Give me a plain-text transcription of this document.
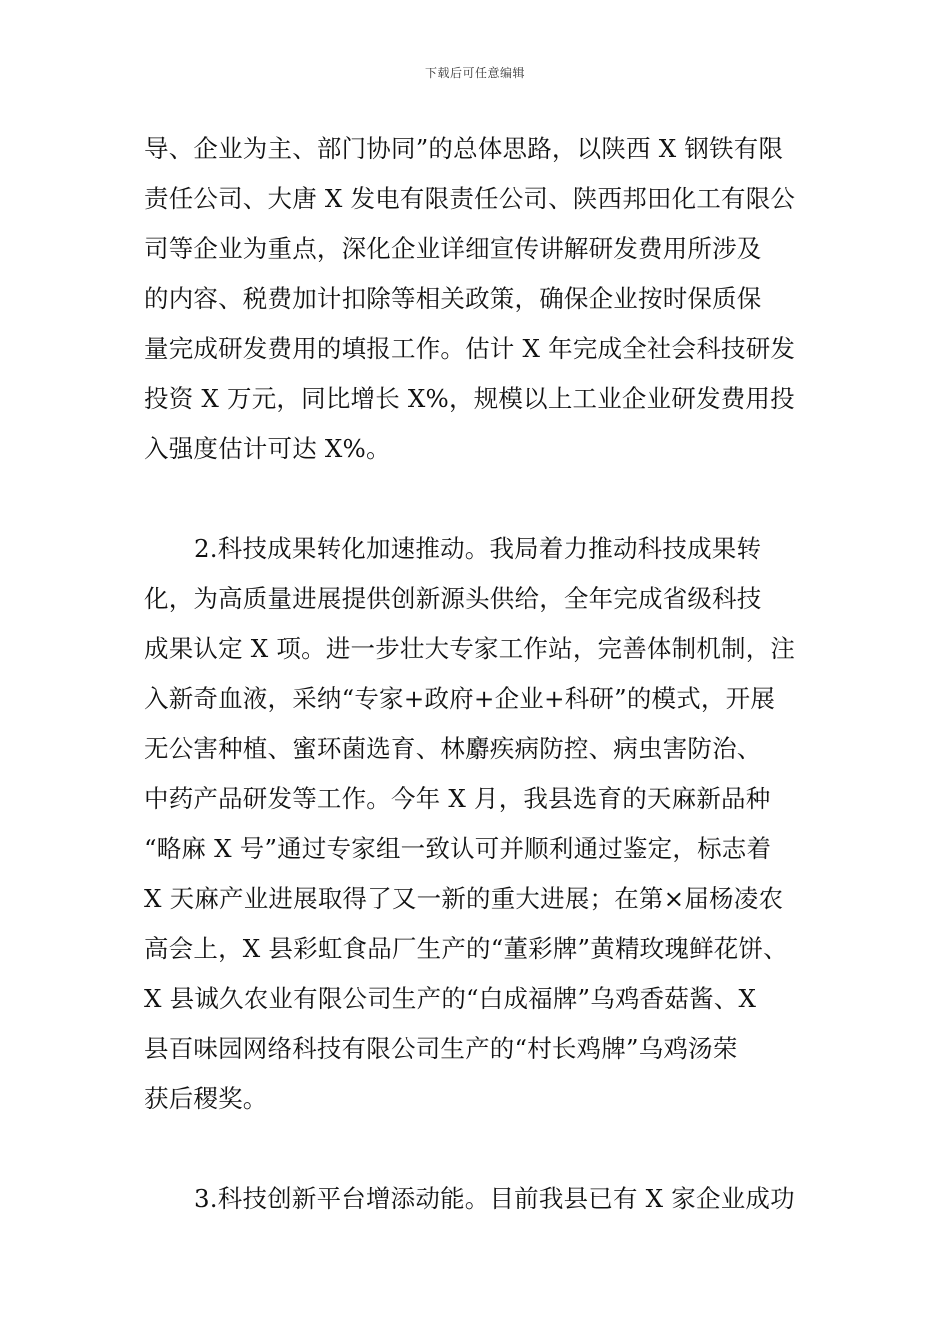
下载后可任意编辑
导、企业为主、部门协同”的总体思路，以陕西 X 钢铁有限
责任公司、大唐 X 发电有限责任公司、陕西邦田化工有限公
司等企业为重点，深化企业详细宣传讲解研发费用所涉及
的内容、税费加计扣除等相关政策，确保企业按时保质保
量完成研发费用的填报工作。估计 X 年完成全社会科技研发
投资 X 万元，同比增长 X%，规模以上工业企业研发费用投
入强度估计可达 X%。
2.科技成果转化加速推动。我局着力推动科技成果转
化，为高质量进展提供创新源头供给，全年完成省级科技
成果认定 X 项。进一步壮大专家工作站，完善体制机制，注
入新奇血液，采纳“专家+政府+企业+科研”的模式，开展
无公害种植、蜜环菌选育、林麝疾病防控、病虫害防治、
中药产品研发等工作。今年 X 月，我县选育的天麻新品种
“略麻 X 号”通过专家组一致认可并顺利通过鉴定，标志着
X 天麻产业进展取得了又一新的重大进展；在第×届杨凌农
高会上，X 县彩虹食品厂生产的“董彩牌”黄精玫瑰鲜花饼、
X 县诚久农业有限公司生产的“白成福牌”乌鸡香菇酱、X
县百味园网络科技有限公司生产的“村长鸡牌”乌鸡汤荣
获后稷奖。
3.科技创新平台增添动能。目前我县已有 X 家企业成功
